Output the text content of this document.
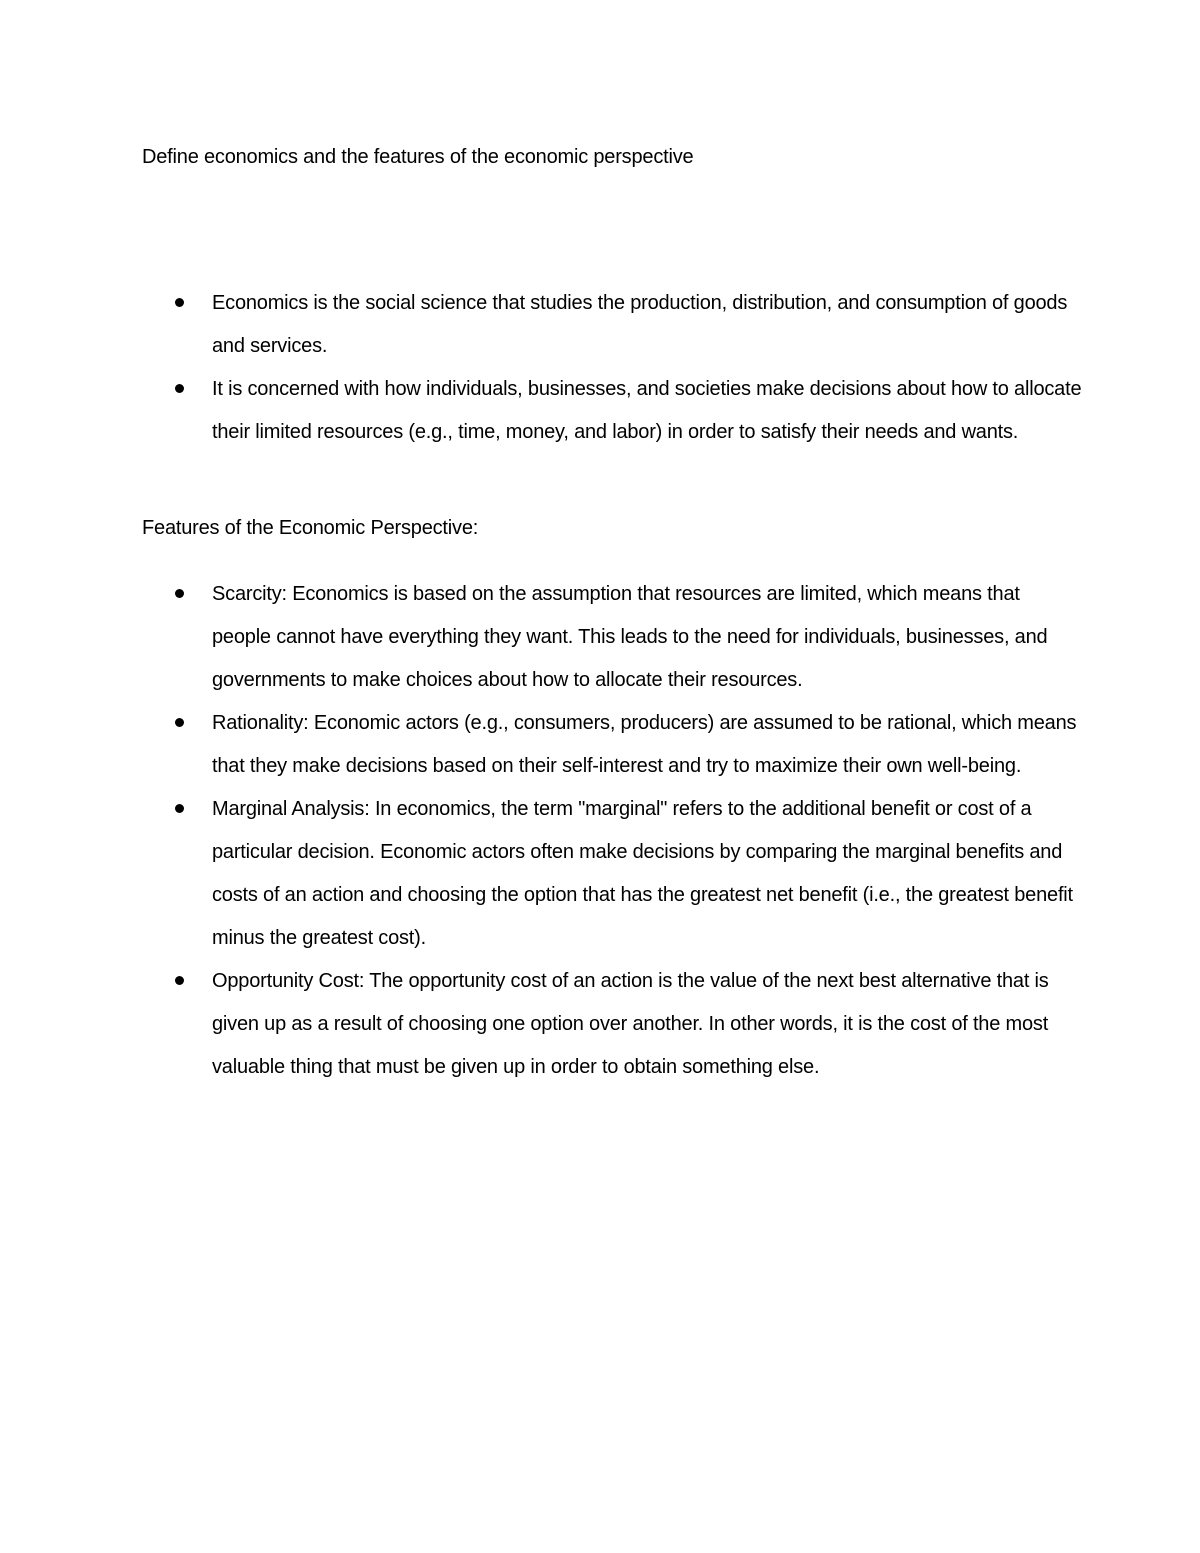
Define economics and the features of the economic perspective
Economics is the social science that studies the production, distribution, and consumption of goods and services.
It is concerned with how individuals, businesses, and societies make decisions about how to allocate their limited resources (e.g., time, money, and labor) in order to satisfy their needs and wants.
Features of the Economic Perspective:
Scarcity: Economics is based on the assumption that resources are limited, which means that people cannot have everything they want. This leads to the need for individuals, businesses, and governments to make choices about how to allocate their resources.
Rationality: Economic actors (e.g., consumers, producers) are assumed to be rational, which means that they make decisions based on their self-interest and try to maximize their own well-being.
Marginal Analysis: In economics, the term "marginal" refers to the additional benefit or cost of a particular decision. Economic actors often make decisions by comparing the marginal benefits and costs of an action and choosing the option that has the greatest net benefit (i.e., the greatest benefit minus the greatest cost).
Opportunity Cost: The opportunity cost of an action is the value of the next best alternative that is given up as a result of choosing one option over another. In other words, it is the cost of the most valuable thing that must be given up in order to obtain something else.
